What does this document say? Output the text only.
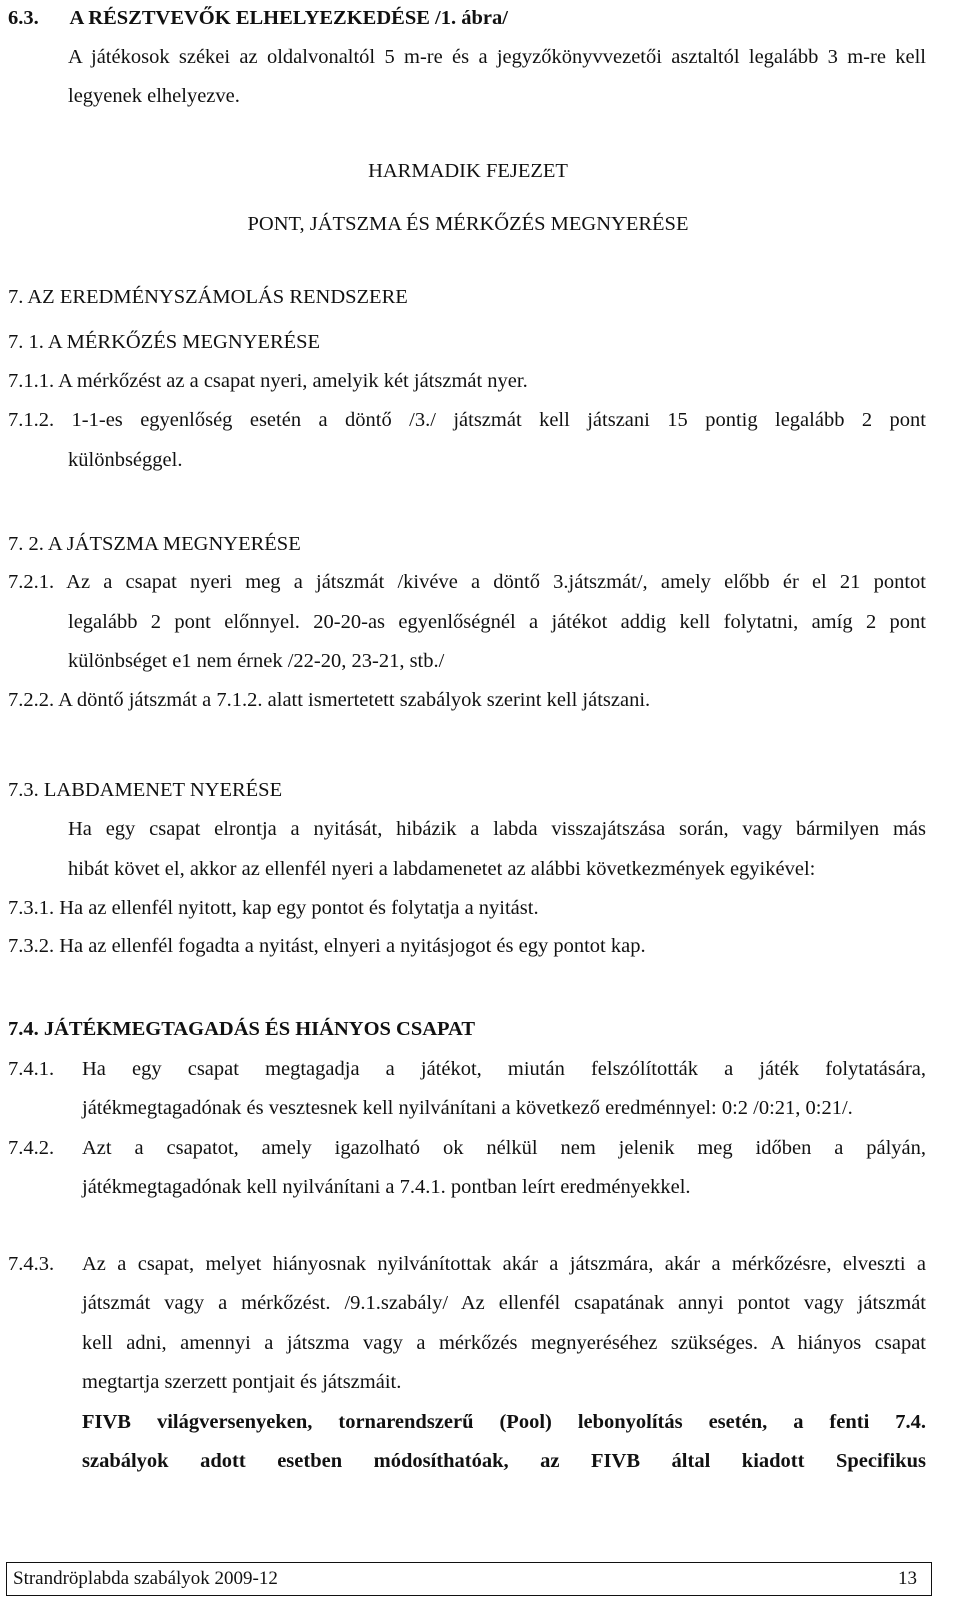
6.3.      A RÉSZTVEVŐK ELHELYEZKEDÉSE /1. ábra/
A játékosok székei az oldalvonaltól 5 m-re és a jegyzőkönyvvezetői asztaltól legalább 3 m-re kell
legyenek elhelyezve.
HARMADIK FEJEZET
PONT, JÁTSZMA ÉS MÉRKŐZÉS MEGNYERÉSE
7. AZ EREDMÉNYSZÁMOLÁS RENDSZERE
7. 1. A MÉRKŐZÉS MEGNYERÉSE
7.1.1. A mérkőzést az a csapat nyeri, amelyik két játszmát nyer.
7.1.2. 1-1-es egyenlőség esetén a döntő /3./ játszmát kell játszani 15 pontig legalább 2 pont
különbséggel.
7. 2. A JÁTSZMA MEGNYERÉSE
7.2.1. Az a csapat nyeri meg a játszmát /kivéve a döntő 3.játszmát/, amely előbb ér el 21 pontot
legalább 2 pont előnnyel. 20-20-as egyenlőségnél a játékot addig kell folytatni, amíg 2 pont
különbséget e1 nem érnek /22-20, 23-21, stb./
7.2.2. A döntő játszmát a 7.1.2. alatt ismertetett szabályok szerint kell játszani.
7.3. LABDAMENET NYERÉSE
Ha egy csapat elrontja a nyitását, hibázik a labda visszajátszása során, vagy bármilyen más
hibát követ el, akkor az ellenfél nyeri a labdamenetet az alábbi következmények egyikével:
7.3.1. Ha az ellenfél nyitott, kap egy pontot és folytatja a nyitást.
7.3.2. Ha az ellenfél fogadta a nyitást, elnyeri a nyitásjogot és egy pontot kap.
7.4. JÁTÉKMEGTAGADÁS ÉS HIÁNYOS CSAPAT
7.4.1. Ha egy csapat megtagadja a játékot, miután felszólították a játék folytatására,
játékmegtagadónak és vesztesnek kell nyilvánítani a következő eredménnyel: 0:2 /0:21, 0:21/.
7.4.2. Azt a csapatot, amely igazolható ok nélkül nem jelenik meg időben a pályán,
játékmegtagadónak kell nyilvánítani a 7.4.1. pontban leírt eredményekkel.
7.4.3. Az a csapat, melyet hiányosnak nyilvánítottak akár a játszmára, akár a mérkőzésre, elveszti a
játszmát vagy a mérkőzést. /9.1.szabály/ Az ellenfél csapatának annyi pontot vagy játszmát
kell adni, amennyi a játszma vagy a mérkőzés megnyeréséhez szükséges. A hiányos csapat
megtartja szerzett pontjait és játszmáit.
FIVB világversenyeken, tornarendszerű (Pool) lebonyolítás esetén, a fenti 7.4.
szabályok adott esetben módosíthatóak, az FIVB által kiadott Specifikus
Strandröplabda szabályok 2009-12	13
